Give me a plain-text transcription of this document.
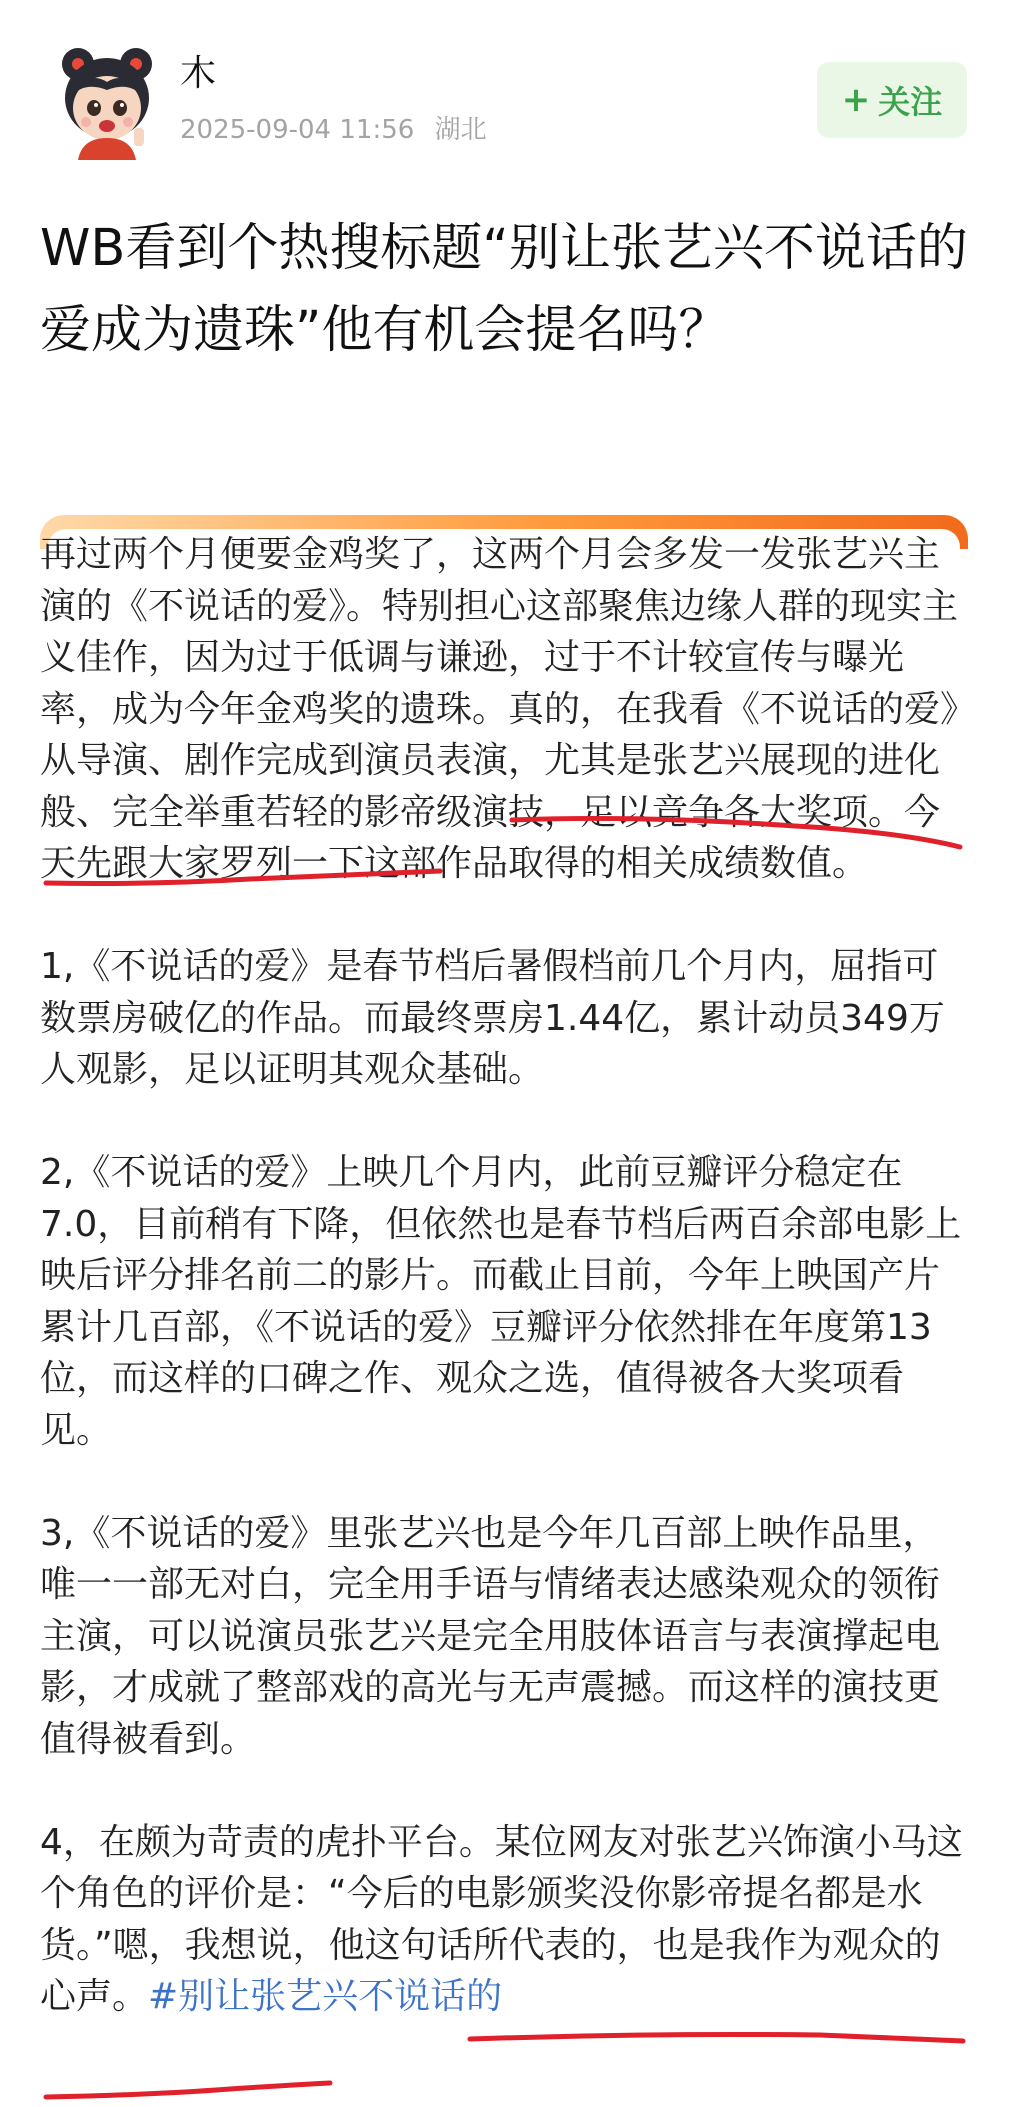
木
2025-09-04 11:56 湖北
+ 关注
WB看到个热搜标题“别让张艺兴不说话的爱成为遗珠”他有机会提名吗？

再过两个月便要金鸡奖了，这两个月会多发一发张艺兴主演的《不说话的爱》。特别担心这部聚焦边缘人群的现实主义佳作，因为过于低调与谦逊，过于不计较宣传与曝光率，成为今年金鸡奖的遗珠。真的，在我看《不说话的爱》从导演、剧作完成到演员表演，尤其是张艺兴展现的进化般、完全举重若轻的影帝级演技，足以竞争各大奖项。今天先跟大家罗列一下这部作品取得的相关成绩数值。

1,《不说话的爱》是春节档后暑假档前几个月内，屈指可数票房破亿的作品。而最终票房1.44亿，累计动员349万人观影，足以证明其观众基础。

2,《不说话的爱》上映几个月内，此前豆瓣评分稳定在7.0，目前稍有下降，但依然也是春节档后两百余部电影上映后评分排名前二的影片。而截止目前，今年上映国产片累计几百部，《不说话的爱》豆瓣评分依然排在年度第13位，而这样的口碑之作、观众之选，值得被各大奖项看见。

3,《不说话的爱》里张艺兴也是今年几百部上映作品里，唯一一部无对白，完全用手语与情绪表达感染观众的领衔主演，可以说演员张艺兴是完全用肢体语言与表演撑起电影，才成就了整部戏的高光与无声震撼。而这样的演技更值得被看到。

4，在颇为苛责的虎扑平台。某位网友对张艺兴饰演小马这个角色的评价是：“今后的电影颁奖没你影帝提名都是水货。”嗯，我想说，他这句话所代表的，也是我作为观众的心声。#别让张艺兴不说话的
